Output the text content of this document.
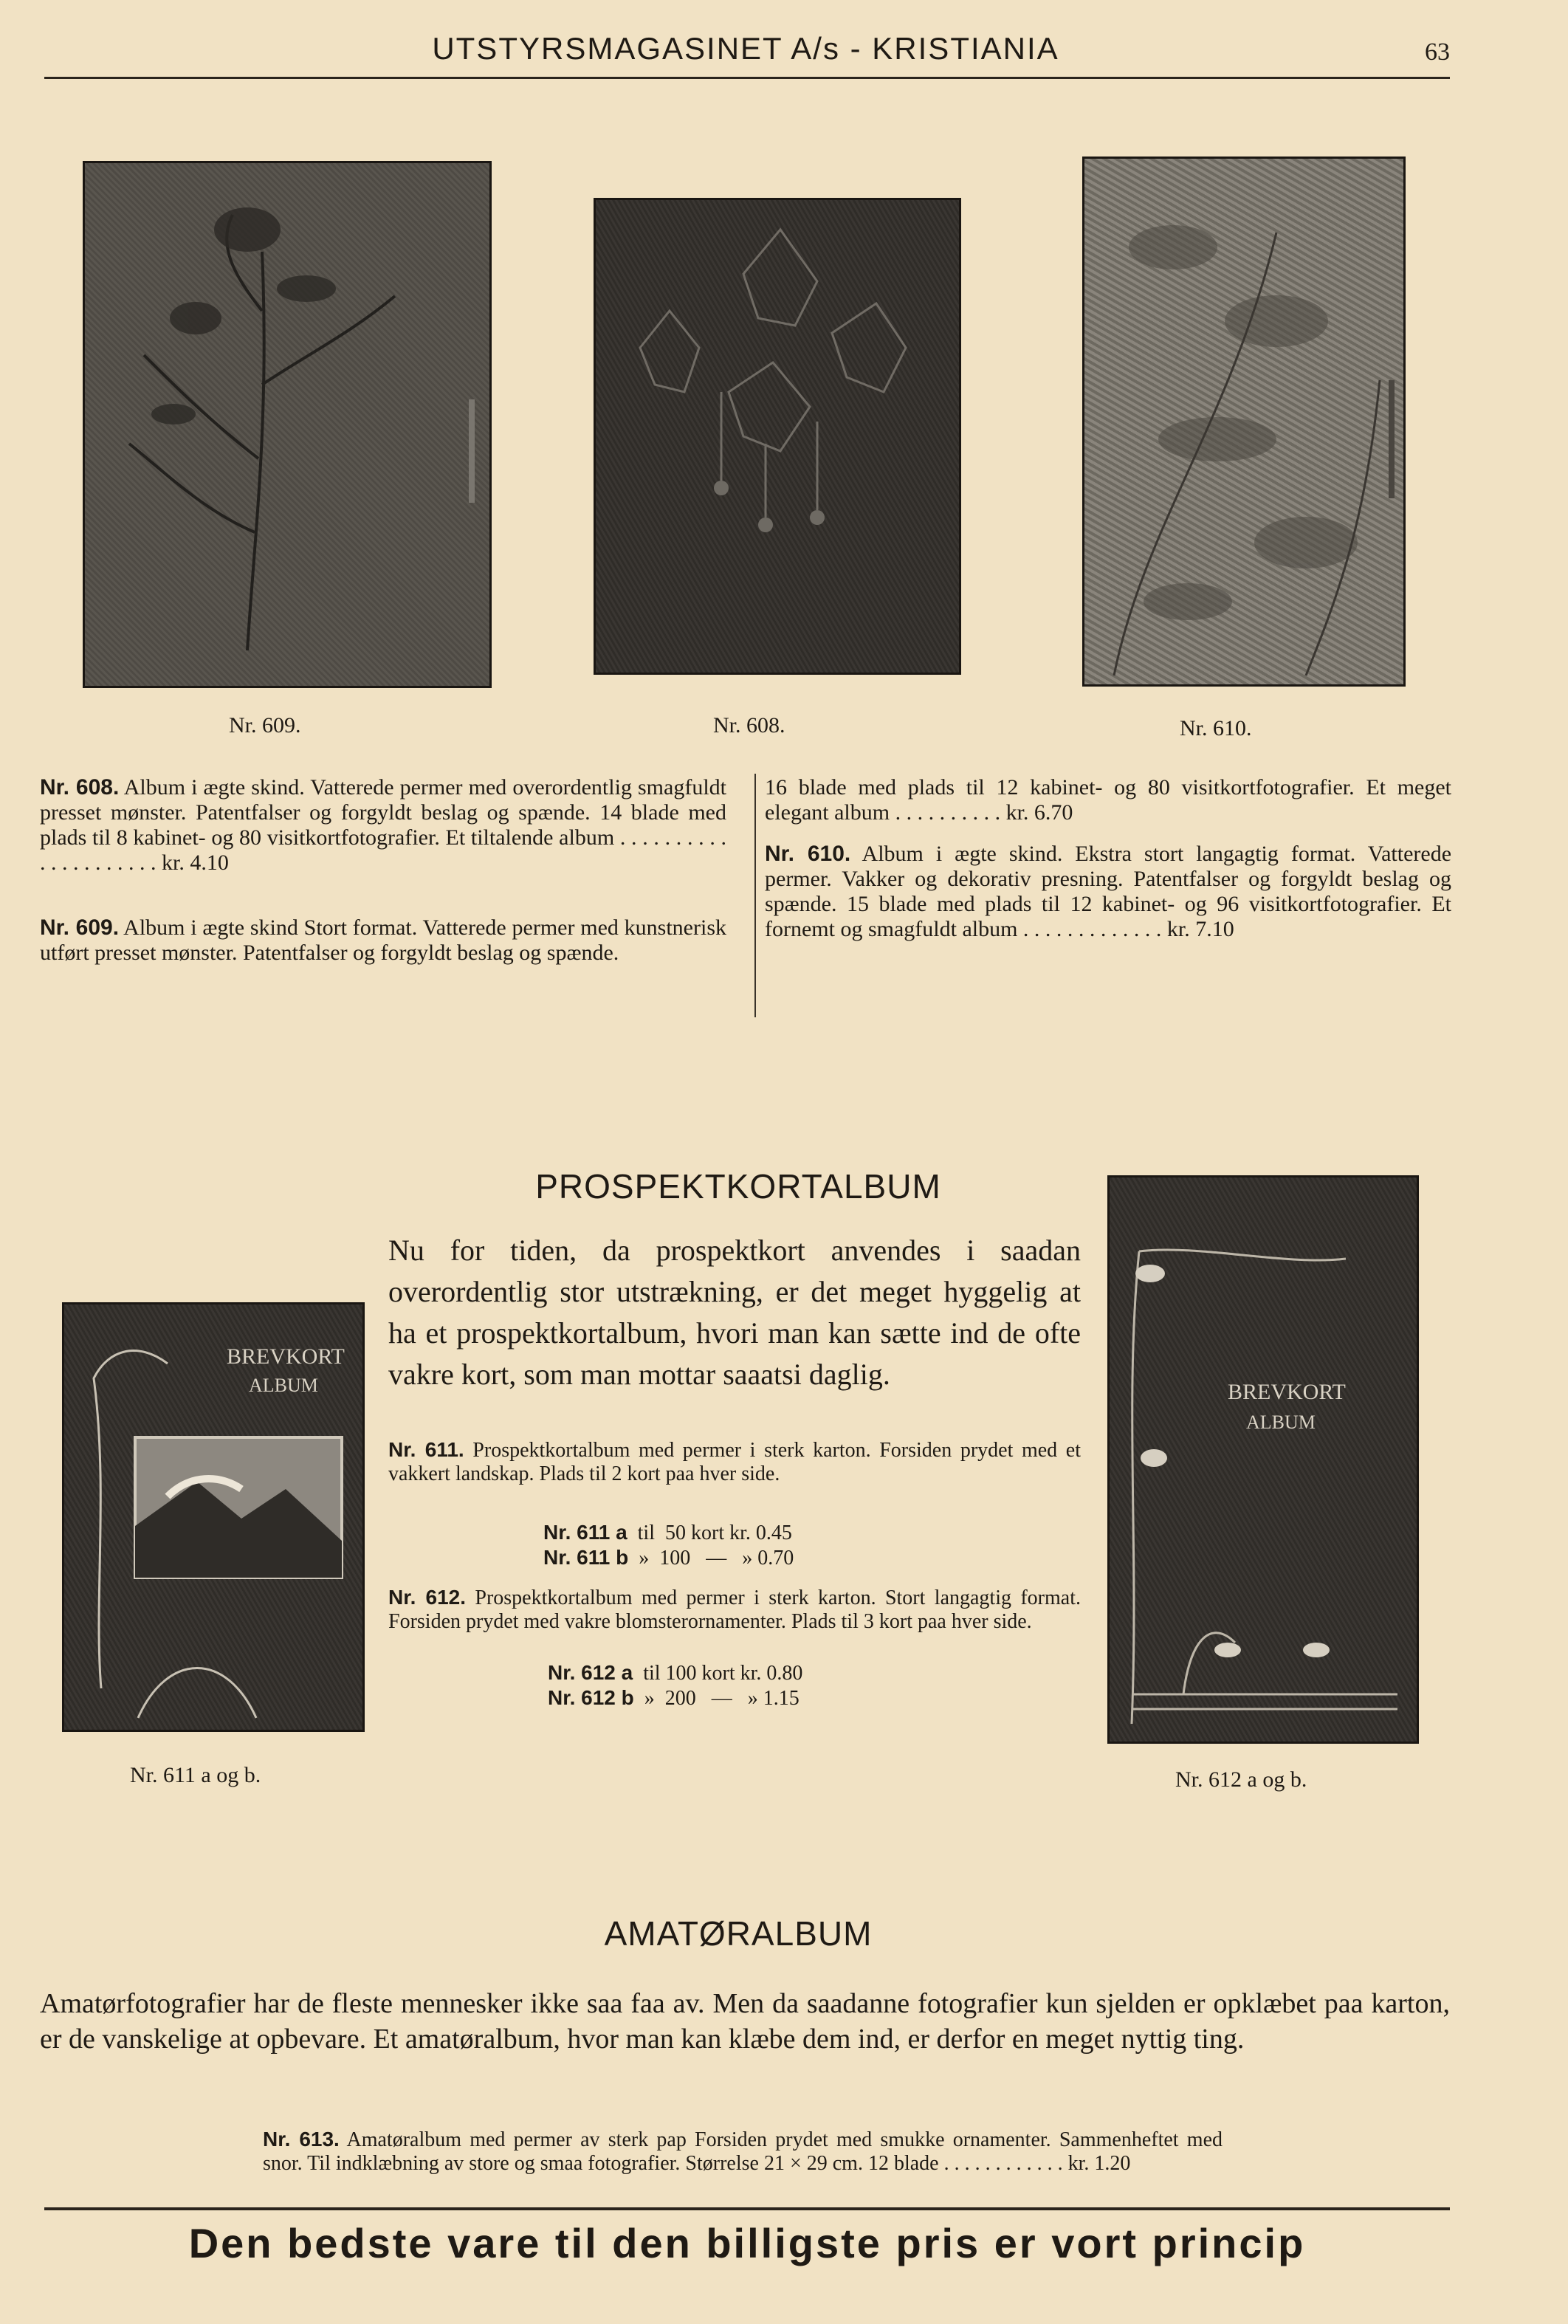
UTSTYRSMAGASINET A/s - KRISTIANIA	63
Nr. 609.	Nr. 608.	Nr. 610.
Nr. 608. Album i ægte skind. Vatterede permer med overordentlig smagfuldt presset mønster. Patentfalser og forgyldt beslag og spænde. 14 blade med plads til 8 kabinet- og 80 visitkortfotografier. Et tiltalende album . . . . . . . . . . . . . . . . . . . . . kr. 4.10
Nr. 609. Album i ægte skind Stort format. Vatterede permer med kunstnerisk utført presset mønster. Patentfalser og forgyldt beslag og spænde.
16 blade med plads til 12 kabinet- og 80 visitkortfotografier. Et meget elegant album . . . . . . . . . . kr. 6.70
Nr. 610. Album i ægte skind. Ekstra stort langagtig format. Vatterede permer. Vakker og dekorativ presning. Patentfalser og forgyldt beslag og spænde. 15 blade med plads til 12 kabinet- og 96 visitkortfotografier. Et fornemt og smagfuldt album . . . . . . . . . . . . . kr. 7.10
PROSPEKTKORTALBUM
BREVKORT
ALBUM	BREVKORT
ALBUM
Nu for tiden, da prospektkort anvendes i saadan overordentlig stor utstrækning, er det meget hyggelig at ha et prospektkortalbum, hvori man kan sætte ind de ofte vakre kort, som man mottar saaatsi daglig.
Nr. 611. Prospektkortalbum med permer i sterk karton. Forsiden prydet med et vakkert landskap. Plads til 2 kort paa hver side.
Nr. 611 a  til  50 kort kr. 0.45
Nr. 611 b  »  100   —   » 0.70
Nr. 612. Prospektkortalbum med permer i sterk karton. Stort langagtig format. Forsiden prydet med vakre blomsterornamenter. Plads til 3 kort paa hver side.
Nr. 612 a  til 100 kort kr. 0.80
Nr. 612 b  »  200   —   » 1.15
Nr. 611 a og b.	Nr. 612 a og b.
AMATØRALBUM
Amatørfotografier har de fleste mennesker ikke saa faa av. Men da saadanne fotografier kun sjelden er opklæbet paa karton, er de vanskelige at opbevare. Et amatøralbum, hvor man kan klæbe dem ind, er derfor en meget nyttig ting.
Nr. 613. Amatøralbum med permer av sterk pap Forsiden prydet med smukke ornamenter. Sammenheftet med snor. Til indklæbning av store og smaa fotografier. Størrelse 21 × 29 cm. 12 blade . . . . . . . . . . . . kr. 1.20
Den bedste vare til den billigste pris er vort princip
